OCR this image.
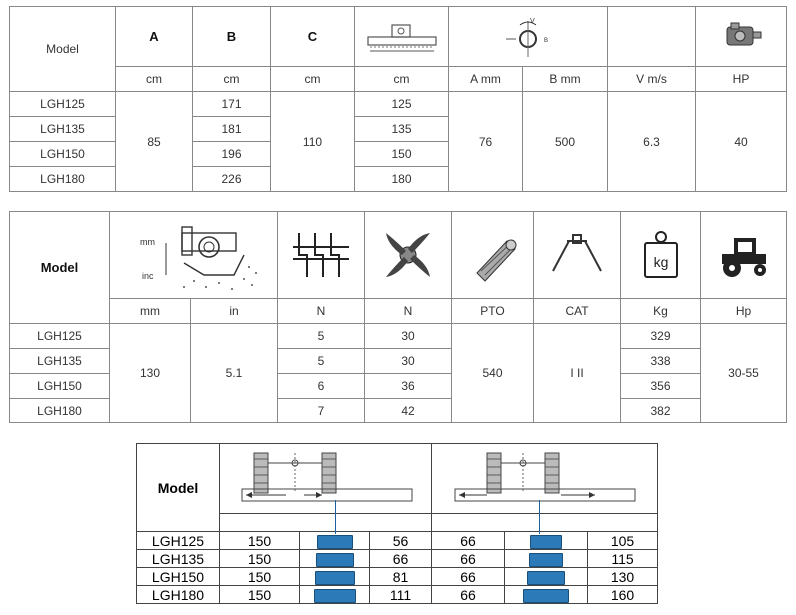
Model	A	B	C		V
B

	cm	cm	cm	cm	A mm	B mm	V m/s	HP
LGH125	85	171	110	125	76	500	6.3	40
LGH135		181		135				
LGH150		196		150				
LGH180		226		180				
Model	mm
inc						kg

	mm	in	N	N	PTO	CAT	Kg	Hp
LGH125	130	5.1	5	30	540	I II	329	30-55
LGH135			5	30			338	
LGH150			6	36			356	
LGH180			7	42			382	
Model	

LGH125	150		56	66		105
LGH135	150		66	66		115
LGH150	150		81	66		130
LGH180	150		111	66		160
